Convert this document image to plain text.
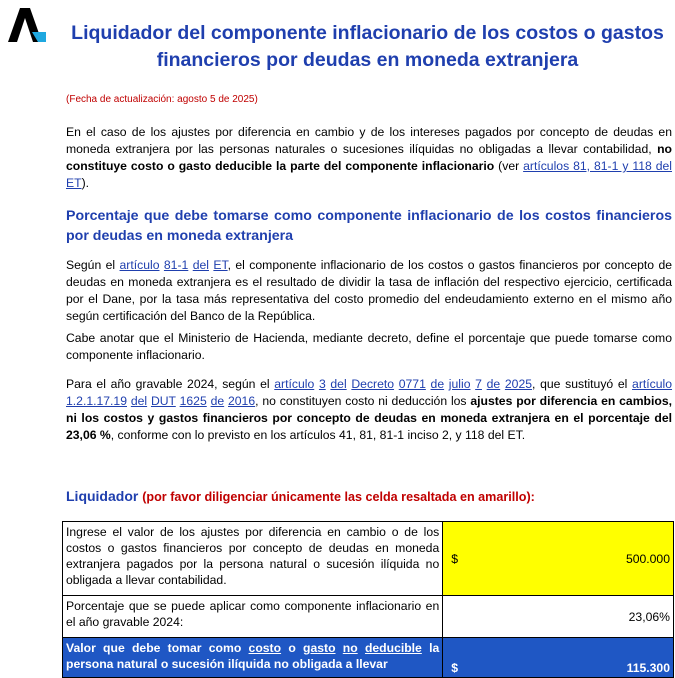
Liquidador del componente inflacionario de los costos o gastos financieros por deudas en moneda extranjera
(Fecha de actualización: agosto 5 de 2025)

En el caso de los ajustes por diferencia en cambio y de los intereses pagados por concepto de deudas en moneda extranjera por las personas naturales o sucesiones ilíquidas no obligadas a llevar contabilidad, no constituye costo o gasto deducible la parte del componente inflacionario (ver artículos 81, 81-1 y 118 del ET).

Porcentaje que debe tomarse como componente inflacionario de los costos financieros por deudas en moneda extranjera

Según el artículo 81-1 del ET, el componente inflacionario de los costos o gastos financieros por concepto de deudas en moneda extranjera es el resultado de dividir la tasa de inflación del respectivo ejercicio, certificada por el Dane, por la tasa más representativa del costo promedio del endeudamiento externo en el mismo año según certificación del Banco de la República.

Cabe anotar que el Ministerio de Hacienda, mediante decreto, define el porcentaje que puede tomarse como componente inflacionario.

Para el año gravable 2024, según el artículo 3 del Decreto 0771 de julio 7 de 2025, que sustituyó el artículo 1.2.1.17.19 del DUT 1625 de 2016, no constituyen costo ni deducción los ajustes por diferencia en cambios, ni los costos y gastos financieros por concepto de deudas en moneda extranjera en el porcentaje del 23,06 %, conforme con lo previsto en los artículos 41, 81, 81-1 inciso 2, y 118 del ET.

Liquidador (por favor diligenciar únicamente las celda resaltada en amarillo):
Ingrese el valor de los ajustes por diferencia en cambio o de los costos o gastos financieros por concepto de deudas en moneda extranjera pagados por la persona natural o sucesión ilíquida no obligada a llevar contabilidad.	$	500.000
Porcentaje que se puede aplicar como componente inflacionario en el año gravable 2024:		23,06%
Valor que debe tomar como costo o gasto no deducible la persona natural o sucesión ilíquida no obligada a llevar	$	115.300
